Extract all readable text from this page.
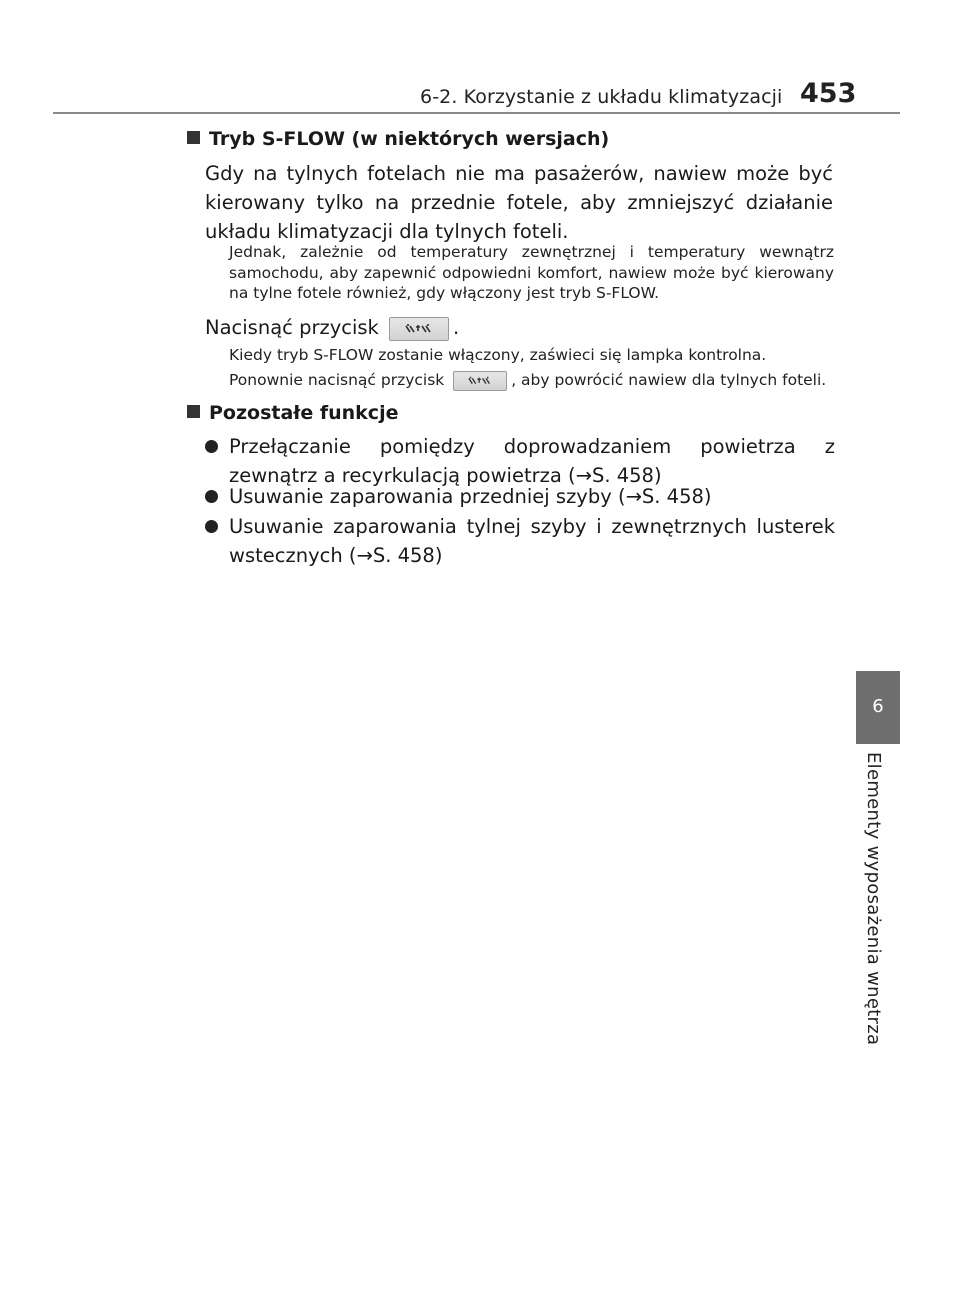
6-2. Korzystanie z układu klimatyzacji 453
6
Elementy wyposażenia wnętrza
Tryb S-FLOW (w niektórych wersjach)
Gdy na tylnych fotelach nie ma pasażerów, nawiew może być kierowany tylko na przednie fotele, aby zmniejszyć działanie układu klimatyzacji dla tylnych foteli.
Jednak, zależnie od temperatury zewnętrznej i temperatury wewnątrz samochodu, aby zapewnić odpowiedni komfort, nawiew może być kierowany na tylne fotele również, gdy włączony jest tryb S-FLOW.
Nacisnąć przycisk	.
Kiedy tryb S-FLOW zostanie włączony, zaświeci się lampka kontrolna.
Ponownie nacisnąć przycisk	, aby powrócić nawiew dla tylnych foteli.
Pozostałe funkcje
Przełączanie pomiędzy doprowadzaniem powietrza z zewnątrz a recyrkulacją powietrza (→S. 458)
Usuwanie zaparowania przedniej szyby (→S. 458)
Usuwanie zaparowania tylnej szyby i zewnętrznych lusterek wstecznych (→S. 458)
